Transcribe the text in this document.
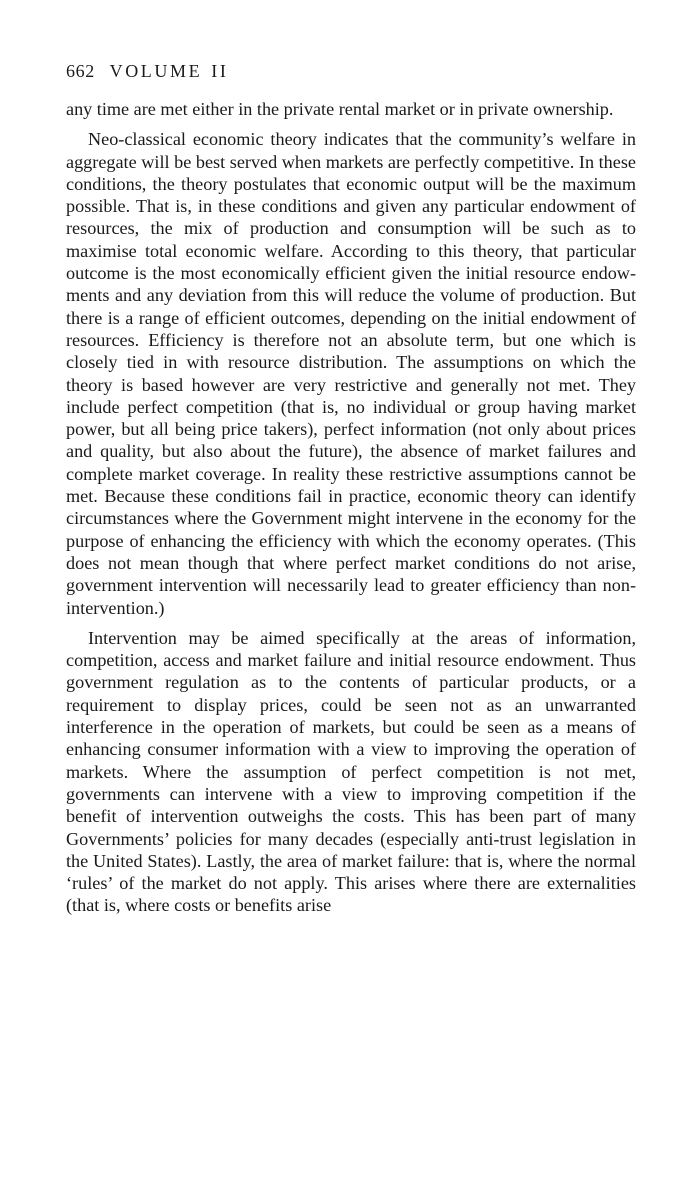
662 VOLUME II

any time are met either in the private rental market or in private ownership.

Neo-classical economic theory indicates that the community’s welfare in aggregate will be best served when markets are perfectly competitive. In these conditions, the theory postulates that economic output will be the maximum possible. That is, in these conditions and given any particular endowment of resources, the mix of production and consumption will be such as to maximise total economic welfare. According to this theory, that particular outcome is the most economically efficient given the initial resource endowments and any deviation from this will reduce the volume of production. But there is a range of efficient outcomes, depending on the initial endowment of resources. Efficiency is therefore not an absolute term, but one which is closely tied in with resource distribution. The assumptions on which the theory is based however are very restrictive and generally not met. They include perfect competition (that is, no individual or group having market power, but all being price takers), perfect information (not only about prices and quality, but also about the future), the absence of market failures and complete market coverage. In reality these restrictive assumptions cannot be met. Because these conditions fail in practice, economic theory can identify circumstances where the Government might intervene in the economy for the purpose of enhancing the efficiency with which the economy operates. (This does not mean though that where perfect market conditions do not arise, government intervention will necessarily lead to greater efficiency than non-intervention.)

Intervention may be aimed specifically at the areas of information, competition, access and market failure and initial resource endowment. Thus government regulation as to the contents of particular products, or a requirement to display prices, could be seen not as an unwarranted interference in the operation of markets, but could be seen as a means of enhancing consumer information with a view to improving the operation of markets. Where the assumption of perfect competition is not met, governments can intervene with a view to improving competition if the benefit of intervention outweighs the costs. This has been part of many Governments’ policies for many decades (especially anti-trust legislation in the United States). Lastly, the area of market failure: that is, where the normal ‘rules’ of the market do not apply. This arises where there are externalities (that is, where costs or benefits arise
